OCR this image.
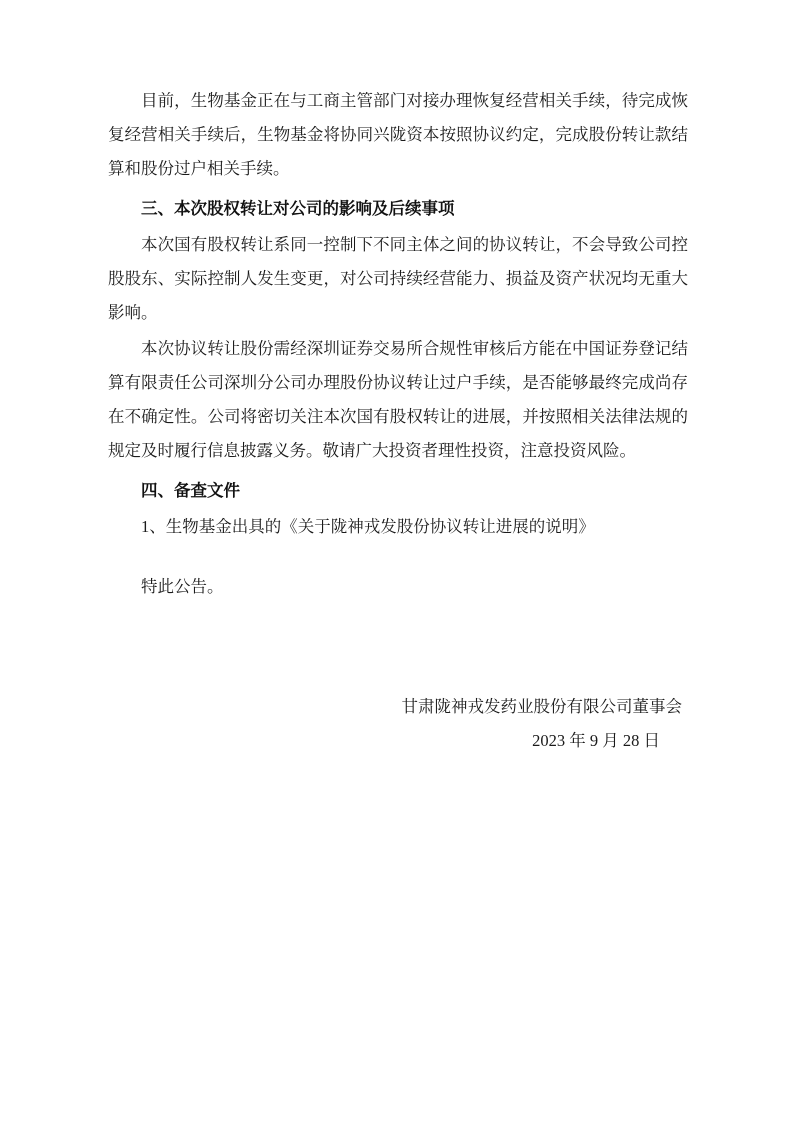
目前，生物基金正在与工商主管部门对接办理恢复经营相关手续，待完成恢复经营相关手续后，生物基金将协同兴陇资本按照协议约定，完成股份转让款结算和股份过户相关手续。

三、本次股权转让对公司的影响及后续事项

本次国有股权转让系同一控制下不同主体之间的协议转让，不会导致公司控股股东、实际控制人发生变更，对公司持续经营能力、损益及资产状况均无重大影响。

本次协议转让股份需经深圳证券交易所合规性审核后方能在中国证券登记结算有限责任公司深圳分公司办理股份协议转让过户手续，是否能够最终完成尚存在不确定性。公司将密切关注本次国有股权转让的进展，并按照相关法律法规的规定及时履行信息披露义务。敬请广大投资者理性投资，注意投资风险。

四、备查文件

1、生物基金出具的《关于陇神戎发股份协议转让进展的说明》

特此公告。

甘肃陇神戎发药业股份有限公司董事会

2023 年 9 月 28 日
